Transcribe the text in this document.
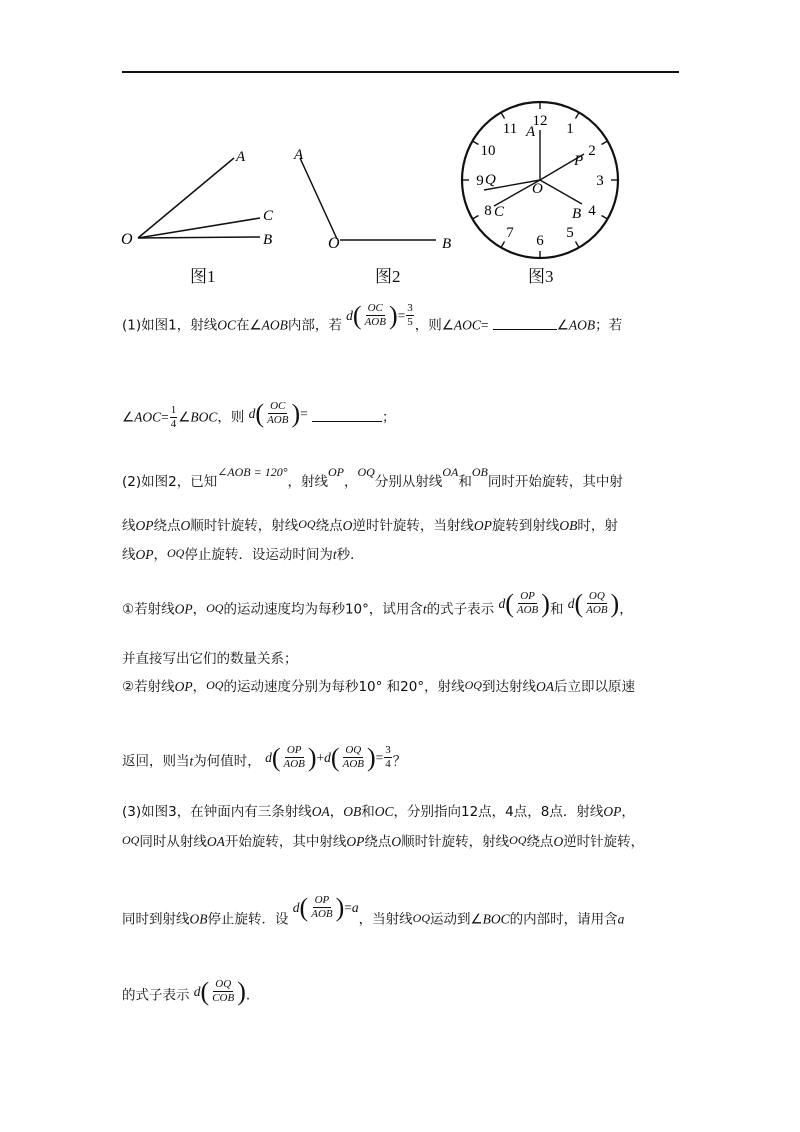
A
C
O	B
图1
A
O	B
图2
12
1
2
3
4
5
6
7
8
9
10
11 A
P
Q
O
C	B
图3
(1)如图1，射线OC在∠AOB内部，若
d ( $\frac{OC}{\text{AOB}}$ ) = $\frac{3}{5}$ ，则∠AOC=	∠AOB；若
∠AOC= $\frac{1}{4}$ ∠BOC，则 d ( $\frac{OC}{\text{AOB}}$ ) =	；
(2)如图2，已知∠AOB = 120°，射线OP，OQ分别从射线OA和OB同时开始旋转，其中射
线OP绕点O顺时针旋转，射线OQ绕点O逆时针旋转，当射线OP旋转到射线OB时，射
线OP，OQ停止旋转．设运动时间为t秒．
①若射线OP，OQ的运动速度均为每秒10°，试用含t的式子表示 d ( $\frac{OP}{\text{AOB}}$ ) 和 d ( $\frac{OQ}{\text{AOB}}$ ) ，
并直接写出它们的数量关系；
②若射线OP，OQ的运动速度分别为每秒10° 和20°，射线OQ到达射线OA后立即以原速
返回，则当t为何值时， d ( $\frac{OP}{\text{AOB}}$ ) + d ( $\frac{OQ}{\text{AOB}}$ ) = $\frac{3}{4}$ ？
(3)如图3，在钟面内有三条射线OA，OB和OC，分别指向12点，4点，8点．射线OP，
OQ同时从射线OA开始旋转，其中射线OP绕点O顺时针旋转，射线OQ绕点O逆时针旋转，
同时到射线OB停止旋转．设
d ( $\frac{OP}{\text{AOB}}$ ) = a
，当射线OQ运动到∠BOC的内部时，请用含a
的式子表示 d ( $\frac{OQ}{\text{COB}}$ ) .
